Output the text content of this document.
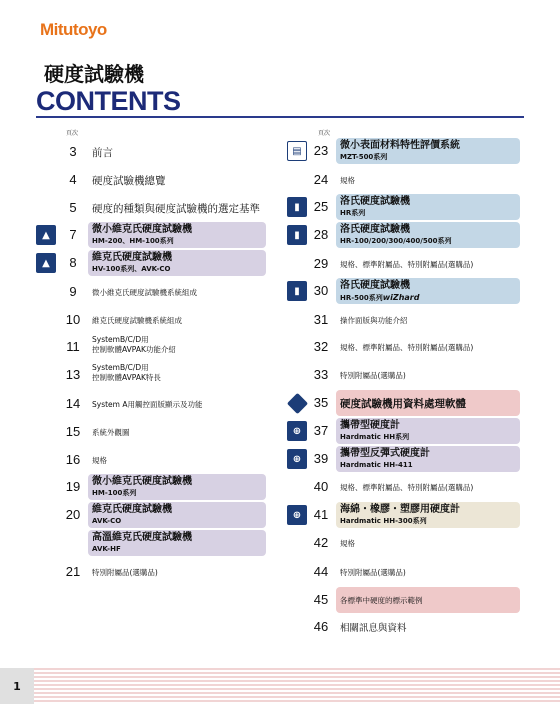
Mitutoyo
硬度試驗機
CONTENTS
頁次	頁次
3	前言
4	硬度試驗機總覽
5	硬度的種類與硬度試驗機的選定基準
▲	7	微小維克氏硬度試驗機
HM-200、HM-100系列
▲	8	維克氏硬度試驗機
HV-100系列、AVK-CO
9	微小維克氏硬度試驗機系統組成
10	維克氏硬度試驗機系統組成
11	SystemB/C/D用
控制軟體AVPAK功能介紹
13	SystemB/C/D用
控制軟體AVPAK特長
14	System A用觸控面版顯示及功能
15	系統外觀圖
16	規格
19	微小維克氏硬度試驗機
HM-100系列
20	維克氏硬度試驗機
AVK-CO
高溫維克氏硬度試驗機
AVK-HF
21	特別附屬品(選購品)
▤ 23	微小表面材料特性評價系統
MZT-500系列
24	規格
▮	25	洛氏硬度試驗機
HR系列
▮	28	洛氏硬度試驗機
HR-100/200/300/400/500系列
29	規格、標準附屬品、特別附屬品(選購品)
▮	30	洛氏硬度試驗機
HR-500系列wiZhard
31	操作面版與功能介紹
32	規格、標準附屬品、特別附屬品(選購品)
33	特別附屬品(選購品)
35	硬度試驗機用資料處理軟體
⊕ 37	攜帶型硬度計
Hardmatic HH系列
⊕ 39	攜帶型反彈式硬度計
Hardmatic HH-411
40	規格、標準附屬品、特別附屬品(選購品)
⊕ 41	海綿・橡膠・塑膠用硬度計
Hardmatic HH-300系列
42	規格
44	特別附屬品(選購品)
45	各標準中硬度的標示範例
46	相關訊息與資料
1
